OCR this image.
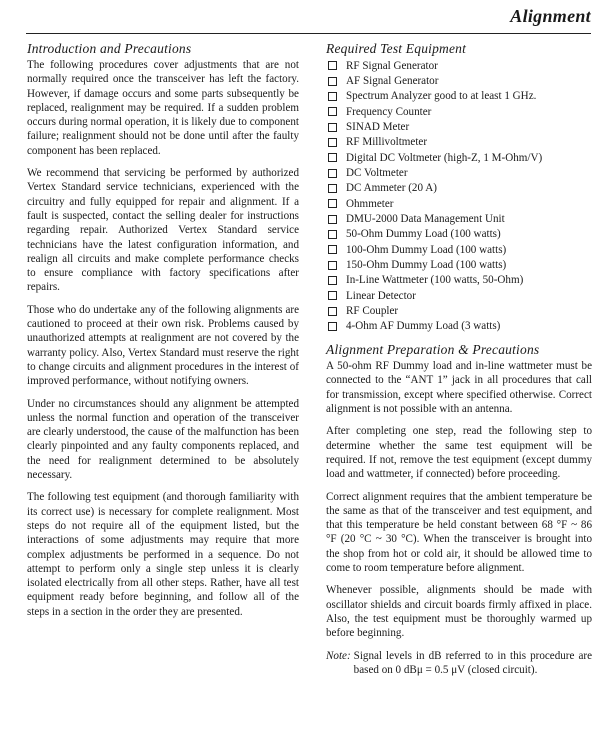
Alignment
Introduction and Precautions

The following procedures cover adjustments that are not normally required once the transceiver has left the factory. However, if damage occurs and some parts subsequently be replaced, realignment may be required. If a sudden problem occurs during normal operation, it is likely due to component failure; realignment should not be done until after the faulty component has been replaced.

We recommend that servicing be performed by authorized Vertex Standard service technicians, experienced with the circuitry and fully equipped for repair and alignment. If a fault is suspected, contact the selling dealer for instructions regarding repair. Authorized Vertex Standard service technicians have the latest configuration information, and realign all circuits and make complete performance checks to ensure compliance with factory specifications after repairs.

Those who do undertake any of the following alignments are cautioned to proceed at their own risk. Problems caused by unauthorized attempts at realignment are not covered by the warranty policy. Also, Vertex Standard must reserve the right to change circuits and alignment procedures in the interest of improved performance, without notifying owners.

Under no circumstances should any alignment be attempted unless the normal function and operation of the transceiver are clearly understood, the cause of the malfunction has been clearly pinpointed and any faulty components replaced, and the need for realignment determined to be absolutely necessary.

The following test equipment (and thorough familiarity with its correct use) is necessary for complete realignment. Most steps do not require all of the equipment listed, but the interactions of some adjustments may require that more complex adjustments be performed in a sequence. Do not attempt to perform only a single step unless it is clearly isolated electrically from all other steps. Rather, have all test equipment ready before beginning, and follow all of the steps in a section in the order they are presented.

Required Test Equipment
RF Signal Generator
AF Signal Generator
Spectrum Analyzer good to at least 1 GHz.
Frequency Counter
SINAD Meter
RF Millivoltmeter
Digital DC Voltmeter (high-Z, 1 M-Ohm/V)
DC Voltmeter
DC Ammeter (20 A)
Ohmmeter
DMU-2000 Data Management Unit
50-Ohm Dummy Load (100 watts)
100-Ohm Dummy Load (100 watts)
150-Ohm Dummy Load (100 watts)
In-Line Wattmeter (100 watts, 50-Ohm)
Linear Detector
RF Coupler
4-Ohm AF Dummy Load (3 watts)
Alignment Preparation & Precautions

A 50-ohm RF Dummy load and in-line wattmeter must be connected to the “ANT 1” jack in all procedures that call for transmission, except where specified otherwise. Correct alignment is not possible with an antenna.

After completing one step, read the following step to determine whether the same test equipment will be required. If not, remove the test equipment (except dummy load and wattmeter, if connected) before proceeding.

Correct alignment requires that the ambient temperature be the same as that of the transceiver and test equipment, and that this temperature be held constant between 68 °F ~ 86 °F (20 °C ~ 30 °C). When the transceiver is brought into the shop from hot or cold air, it should be allowed time to come to room temperature before alignment.

Whenever possible, alignments should be made with oscillator shields and circuit boards firmly affixed in place. Also, the test equipment must be thoroughly warmed up before beginning.

Note: Signal levels in dB referred to in this procedure are based on 0 dBμ = 0.5 μV (closed circuit).
